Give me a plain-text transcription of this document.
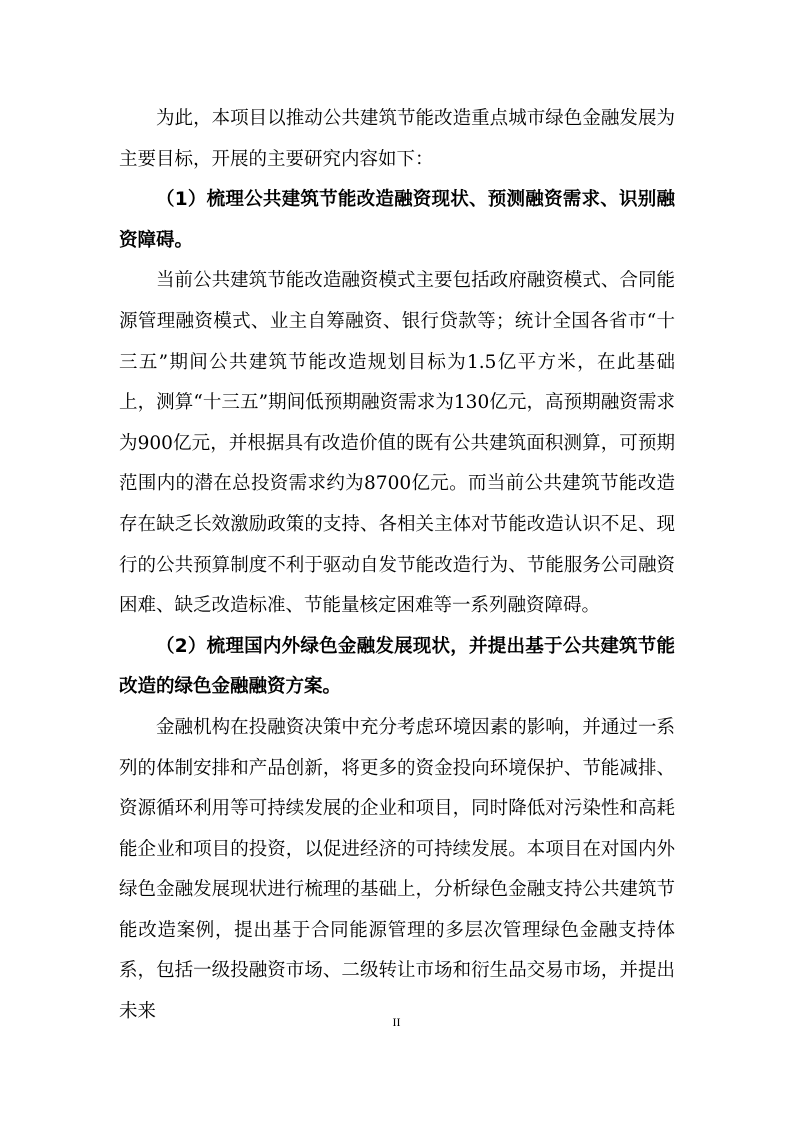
为此，本项目以推动公共建筑节能改造重点城市绿色金融发展为主要目标，开展的主要研究内容如下：

（1）梳理公共建筑节能改造融资现状、预测融资需求、识别融资障碍。

当前公共建筑节能改造融资模式主要包括政府融资模式、合同能源管理融资模式、业主自筹融资、银行贷款等；统计全国各省市“十三五”期间公共建筑节能改造规划目标为1.5亿平方米，在此基础上，测算“十三五”期间低预期融资需求为130亿元，高预期融资需求为900亿元，并根据具有改造价值的既有公共建筑面积测算，可预期范围内的潜在总投资需求约为8700亿元。而当前公共建筑节能改造存在缺乏长效激励政策的支持、各相关主体对节能改造认识不足、现行的公共预算制度不利于驱动自发节能改造行为、节能服务公司融资困难、缺乏改造标准、节能量核定困难等一系列融资障碍。

（2）梳理国内外绿色金融发展现状，并提出基于公共建筑节能改造的绿色金融融资方案。

金融机构在投融资决策中充分考虑环境因素的影响，并通过一系列的体制安排和产品创新，将更多的资金投向环境保护、节能减排、资源循环利用等可持续发展的企业和项目，同时降低对污染性和高耗能企业和项目的投资，以促进经济的可持续发展。本项目在对国内外绿色金融发展现状进行梳理的基础上，分析绿色金融支持公共建筑节能改造案例，提出基于合同能源管理的多层次管理绿色金融支持体系，包括一级投融资市场、二级转让市场和衍生品交易市场，并提出未来	II
